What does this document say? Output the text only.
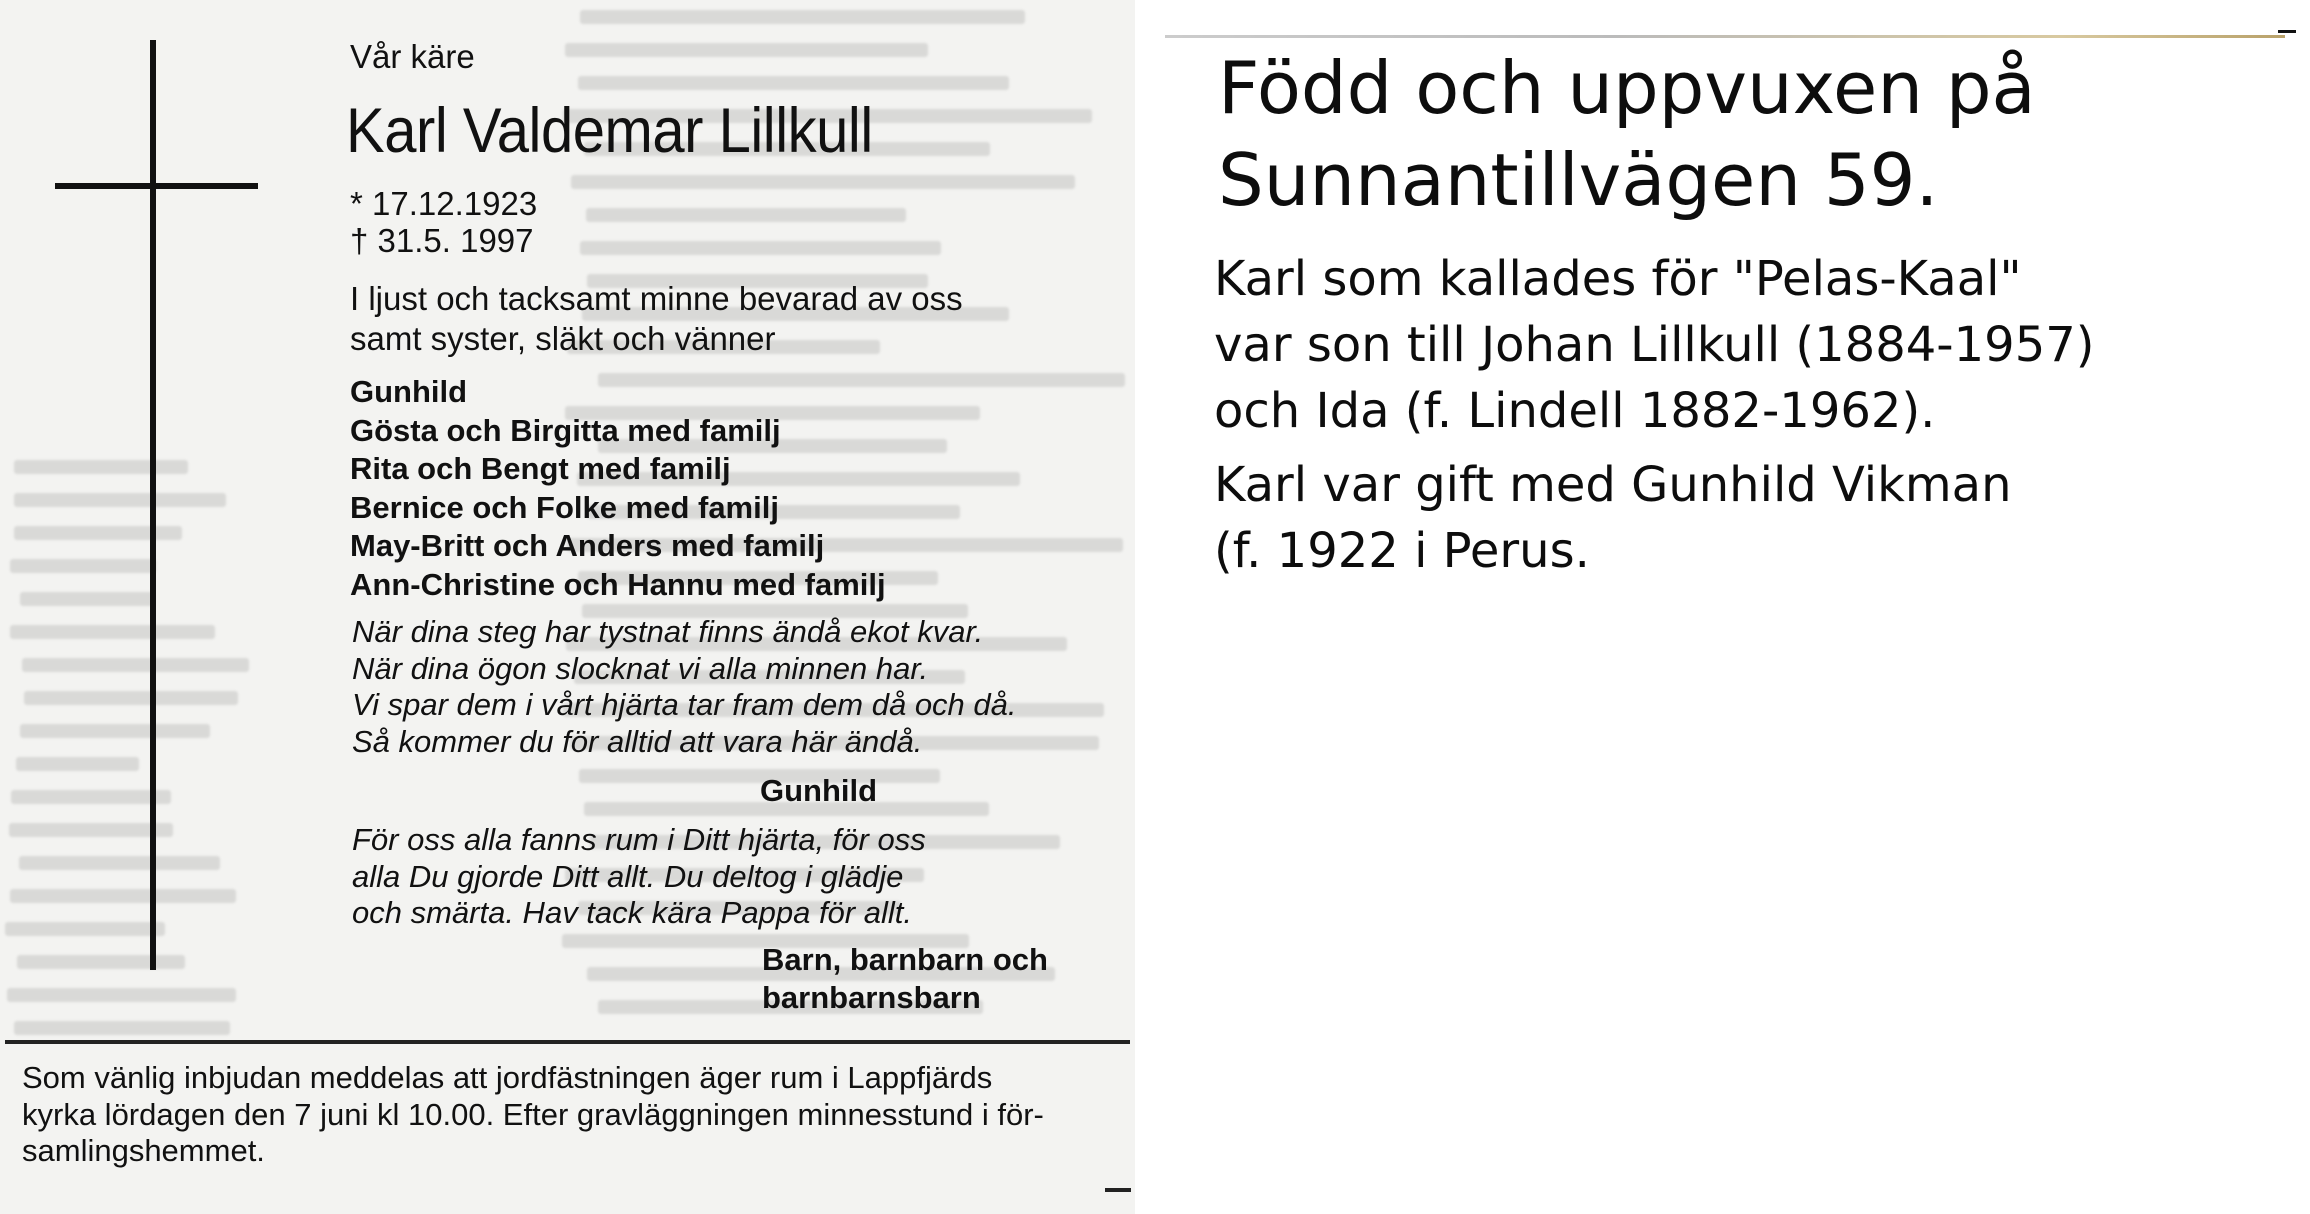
Vår käre
Karl Valdemar Lillkull
* 17.12.1923
† 31.5. 1997
I ljust och tacksamt minne bevarad av oss
samt syster, släkt och vänner
Gunhild
Gösta och Birgitta med familj
Rita och Bengt med familj
Bernice och Folke med familj
May-Britt och Anders med familj
Ann-Christine och Hannu med familj
När dina steg har tystnat finns ändå ekot kvar.
När dina ögon slocknat vi alla minnen har.
Vi spar dem i vårt hjärta tar fram dem då och då.
Så kommer du för alltid att vara här ändå.
Gunhild
För oss alla fanns rum i Ditt hjärta, för oss
alla Du gjorde Ditt allt. Du deltog i glädje
och smärta. Hav tack kära Pappa för allt.
Barn, barnbarn och
barnbarnsbarn
Som vänlig inbjudan meddelas att jordfästningen äger rum i Lappfjärds
kyrka lördagen den 7 juni kl 10.00. Efter gravläggningen minnesstund i för-
samlingshemmet.
Född och uppvuxen på
Sunnantillvägen 59.
Karl som kallades för "Pelas-Kaal"
var son till Johan Lillkull (1884-1957)
och Ida (f. Lindell 1882-1962).
Karl var gift med Gunhild Vikman
(f. 1922 i Perus.
